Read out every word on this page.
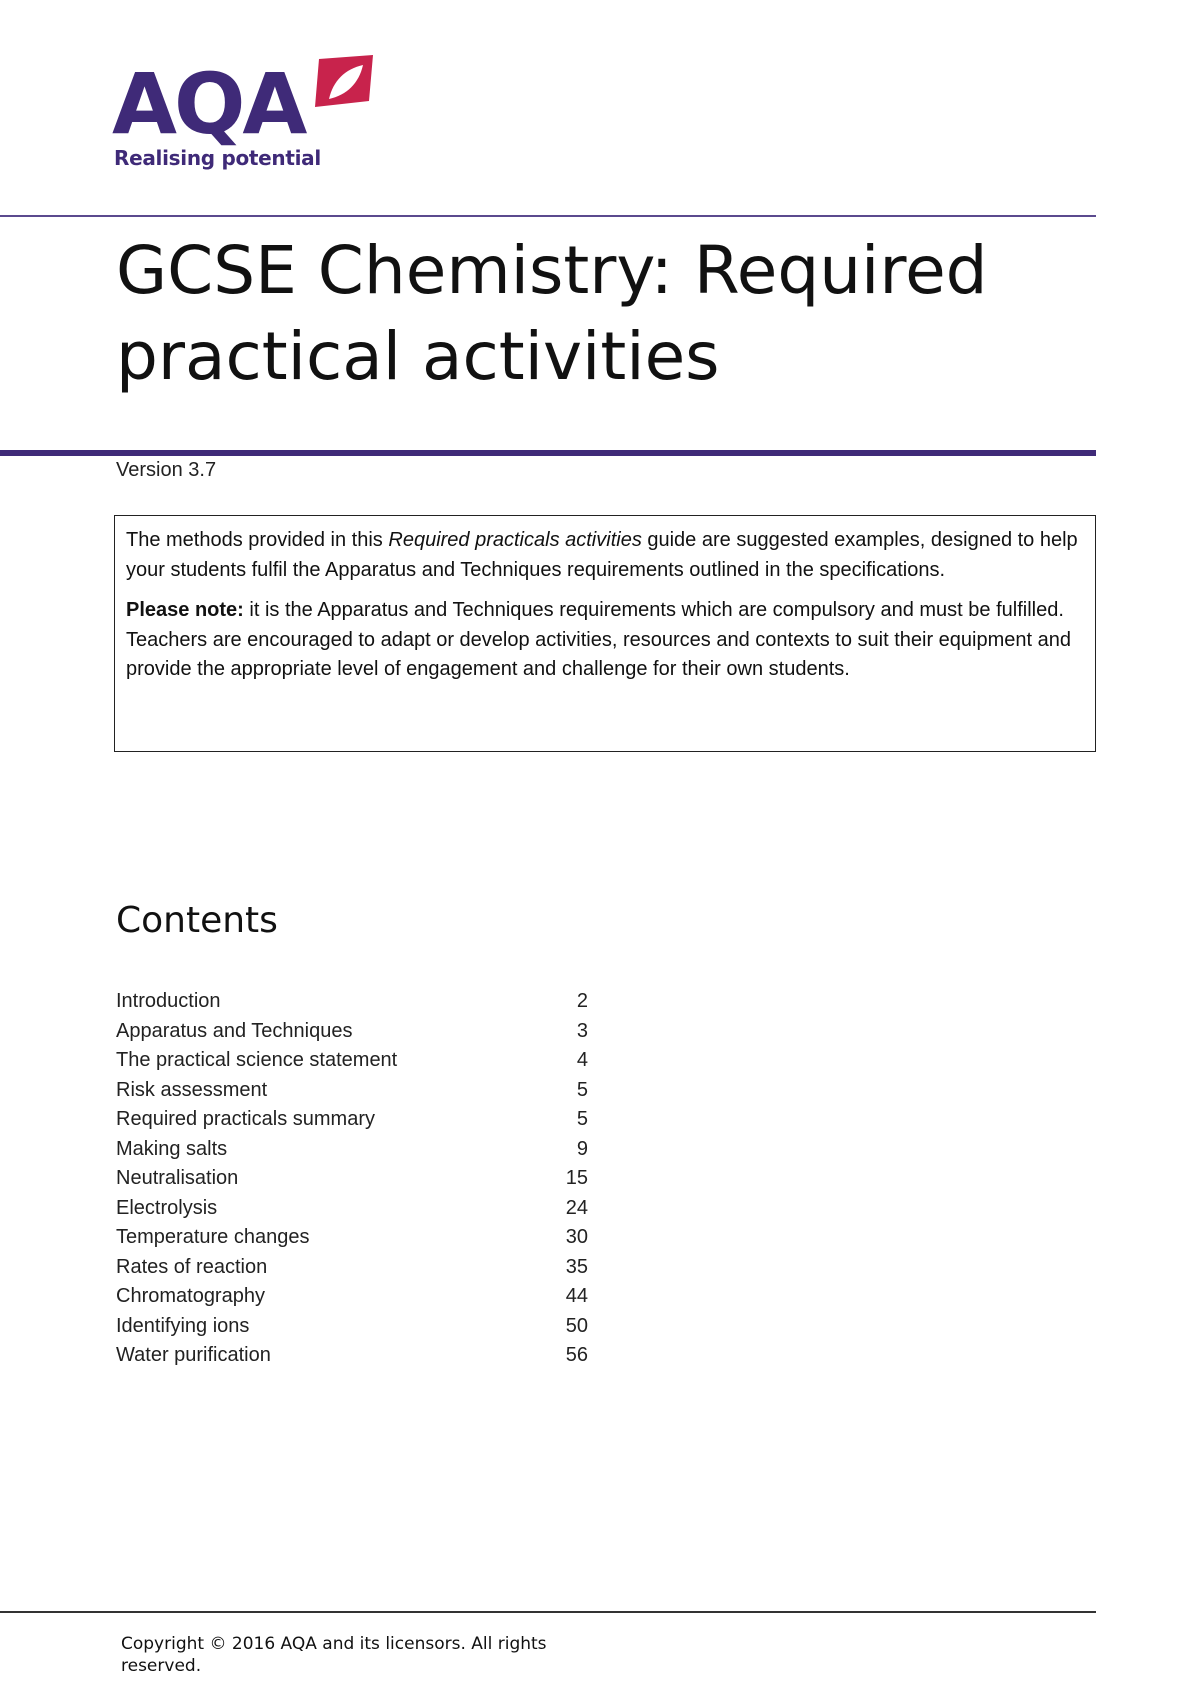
AQA
Realising potential
GCSE Chemistry: Required practical activities
Version 3.7

The methods provided in this Required practicals activities guide are suggested examples, designed to help your students fulfil the Apparatus and Techniques requirements outlined in the specifications.

Please note: it is the Apparatus and Techniques requirements which are compulsory and must be fulfilled. Teachers are encouraged to adapt or develop activities, resources and contexts to suit their equipment and provide the appropriate level of engagement and challenge for their own students.

Contents
Introduction	2
Apparatus and Techniques	3
The practical science statement	4
Risk assessment	5
Required practicals summary	5
Making salts	9
Neutralisation	15
Electrolysis	24
Temperature changes	30
Rates of reaction	35
Chromatography	44
Identifying ions	50
Water purification	56
Copyright © 2016 AQA and its licensors. All rights reserved.
